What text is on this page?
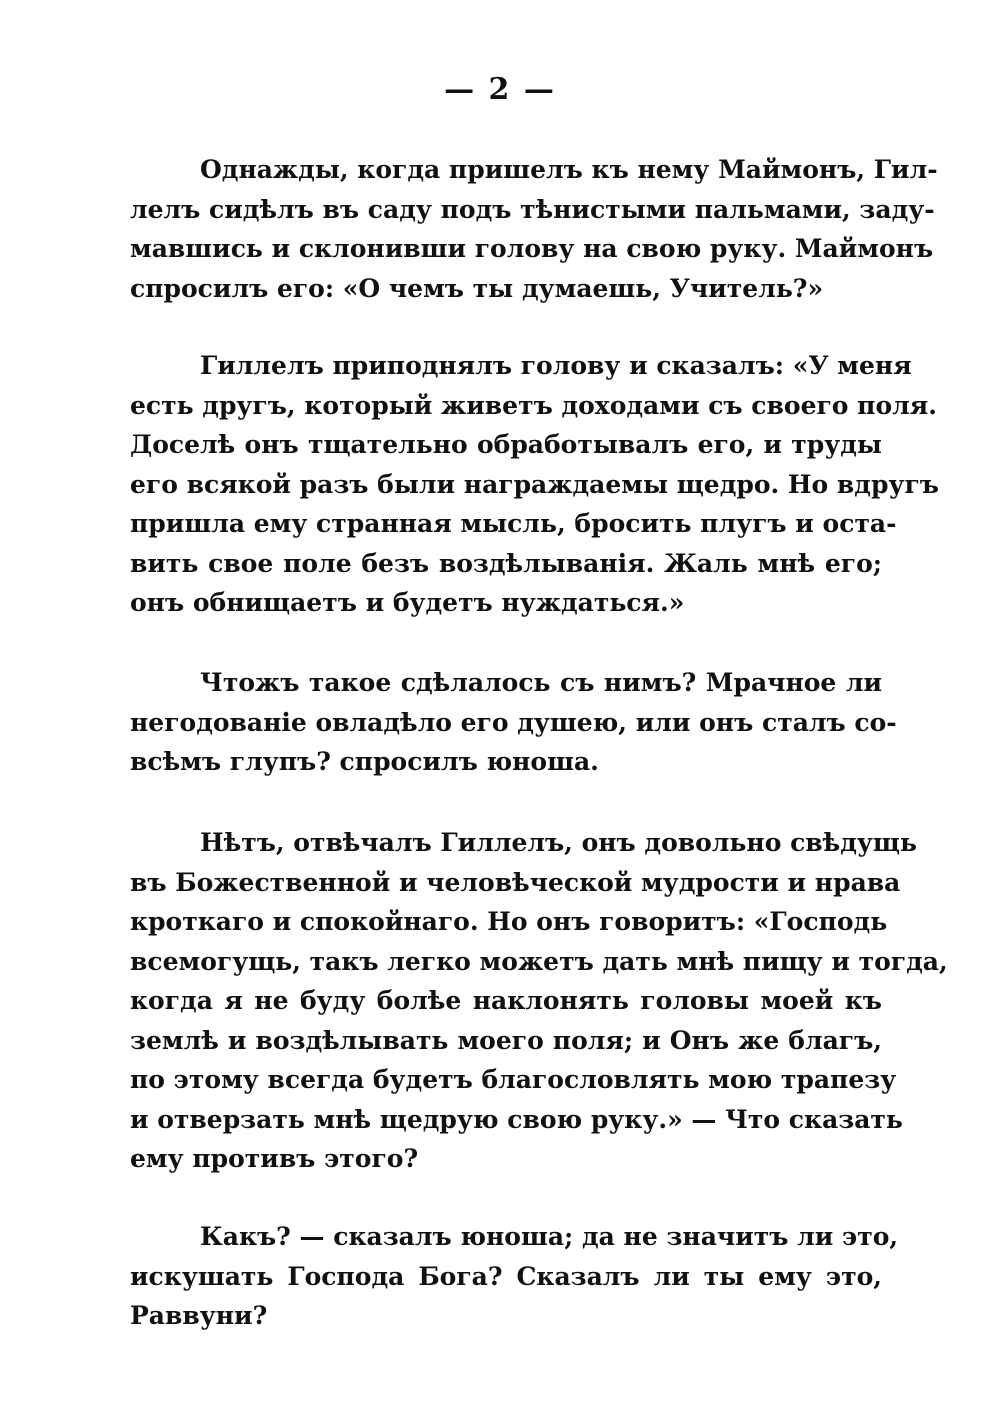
— 2 —
Однажды, когда пришелъ къ нему Маймонъ, Гил-
лелъ сидѣлъ въ саду подъ тѣнистыми пальмами, заду-
мавшись и склонивши голову на свою руку. Маймонъ
спросилъ его: «О чемъ ты думаешь, Учитель?»
Гиллелъ приподнялъ голову и сказалъ: «У меня
есть другъ, который живетъ доходами съ своего поля.
Доселѣ онъ тщательно обработывалъ его, и труды
его всякой разъ были награждаемы щедро. Но вдругъ
пришла ему странная мысль, бросить плугъ и оста-
вить свое поле безъ воздѣлыванія. Жаль мнѣ его;
онъ обнищаетъ и будетъ нуждаться.»
Чтожъ такое сдѣлалось съ нимъ? Мрачное ли
негодованіе овладѣло его душею, или онъ сталъ со-
всѣмъ глупъ? спросилъ юноша.
Нѣтъ, отвѣчалъ Гиллелъ, онъ довольно свѣдущь
въ Божественной и человѣческой мудрости и нрава
кроткаго и спокойнаго. Но онъ говоритъ: «Господь
всемогущь, такъ легко можетъ дать мнѣ пищу и тогда,
когда я не буду болѣе наклонять головы моей къ
землѣ и воздѣлывать моего поля; и Онъ же благъ,
по этому всегда будетъ благословлять мою трапезу
и отверзать мнѣ щедрую свою руку.» — Что сказать
ему противъ этого?
Какъ? — сказалъ юноша; да не значитъ ли это,
искушать Господа Бога? Сказалъ ли ты ему это,
Раввуни?
